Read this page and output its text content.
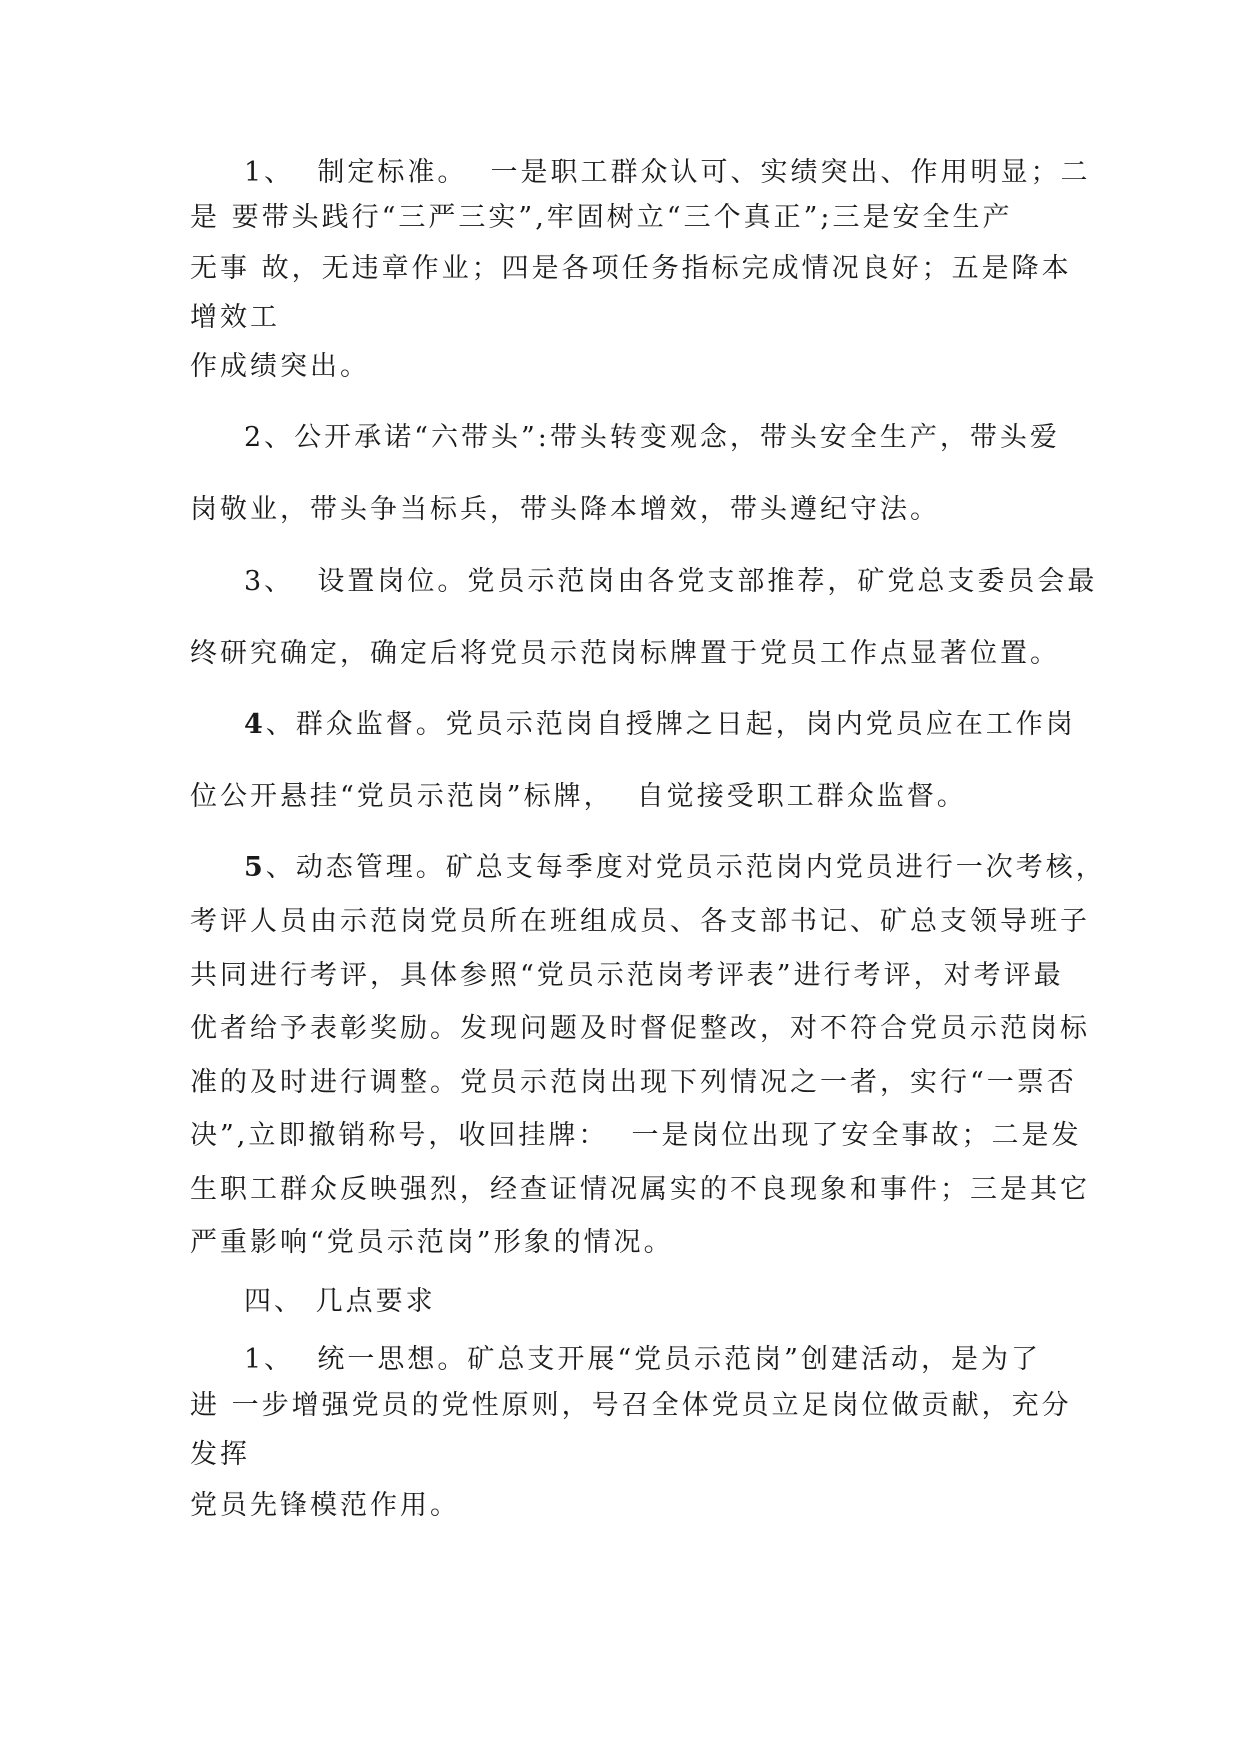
1、  制定标准。  一是职工群众认可、实绩突出、作用明显；二
是 要带头践行“三严三实”,牢固树立“三个真正”;三是安全生产
无事 故，无违章作业；四是各项任务指标完成情况良好；五是降本
增效工
作成绩突出。
2、公开承诺“六带头”:带头转变观念，带头安全生产，带头爱
岗敬业，带头争当标兵，带头降本增效，带头遵纪守法。
3、  设置岗位。党员示范岗由各党支部推荐，矿党总支委员会最
终研究确定，确定后将党员示范岗标牌置于党员工作点显著位置。
4、群众监督。党员示范岗自授牌之日起，岗内党员应在工作岗
位公开悬挂“党员示范岗”标牌，  自觉接受职工群众监督。
5、动态管理。矿总支每季度对党员示范岗内党员进行一次考核，
考评人员由示范岗党员所在班组成员、各支部书记、矿总支领导班子
共同进行考评，具体参照“党员示范岗考评表”进行考评，对考评最
优者给予表彰奖励。发现问题及时督促整改，对不符合党员示范岗标
准的及时进行调整。党员示范岗出现下列情况之一者，实行“一票否
决”,立即撤销称号，收回挂牌：  一是岗位出现了安全事故；二是发
生职工群众反映强烈，经查证情况属实的不良现象和事件；三是其它
严重影响“党员示范岗”形象的情况。
四、 几点要求
1、  统一思想。矿总支开展“党员示范岗”创建活动，是为了
进 一步增强党员的党性原则，号召全体党员立足岗位做贡献，充分
发挥
党员先锋模范作用。
